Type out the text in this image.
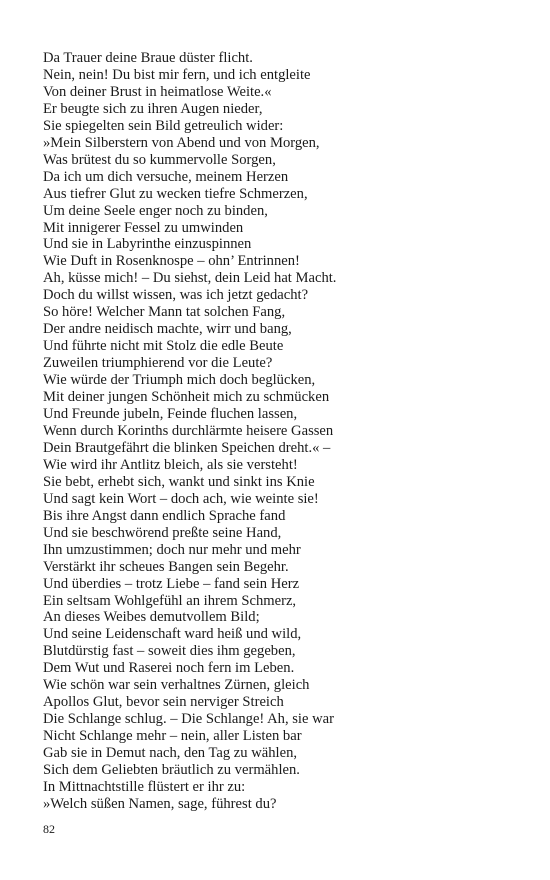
Da Trauer deine Braue düster flicht.
Nein, nein! Du bist mir fern, und ich entgleite
Von deiner Brust in heimatlose Weite.«
Er beugte sich zu ihren Augen nieder,
Sie spiegelten sein Bild getreulich wider:
»Mein Silberstern von Abend und von Morgen,
Was brütest du so kummervolle Sorgen,
Da ich um dich versuche, meinem Herzen
Aus tiefrer Glut zu wecken tiefre Schmerzen,
Um deine Seele enger noch zu binden,
Mit innigerer Fessel zu umwinden
Und sie in Labyrinthe einzuspinnen
Wie Duft in Rosenknospe – ohn’ Entrinnen!
Ah, küsse mich! – Du siehst, dein Leid hat Macht.
Doch du willst wissen, was ich jetzt gedacht?
So höre! Welcher Mann tat solchen Fang,
Der andre neidisch machte, wirr und bang,
Und führte nicht mit Stolz die edle Beute
Zuweilen triumphierend vor die Leute?
Wie würde der Triumph mich doch beglücken,
Mit deiner jungen Schönheit mich zu schmücken
Und Freunde jubeln, Feinde fluchen lassen,
Wenn durch Korinths durchlärmte heisere Gassen
Dein Brautgefährt die blinken Speichen dreht.« –
Wie wird ihr Antlitz bleich, als sie versteht!
Sie bebt, erhebt sich, wankt und sinkt ins Knie
Und sagt kein Wort – doch ach, wie weinte sie!
Bis ihre Angst dann endlich Sprache fand
Und sie beschwörend preßte seine Hand,
Ihn umzustimmen; doch nur mehr und mehr
Verstärkt ihr scheues Bangen sein Begehr.
Und überdies – trotz Liebe – fand sein Herz
Ein seltsam Wohlgefühl an ihrem Schmerz,
An dieses Weibes demutvollem Bild;
Und seine Leidenschaft ward heiß und wild,
Blutdürstig fast – soweit dies ihm gegeben,
Dem Wut und Raserei noch fern im Leben.
Wie schön war sein verhaltnes Zürnen, gleich
Apollos Glut, bevor sein nerviger Streich
Die Schlange schlug. – Die Schlange! Ah, sie war
Nicht Schlange mehr – nein, aller Listen bar
Gab sie in Demut nach, den Tag zu wählen,
Sich dem Geliebten bräutlich zu vermählen.
In Mittnachtstille flüstert er ihr zu:
»Welch süßen Namen, sage, führest du?
82
